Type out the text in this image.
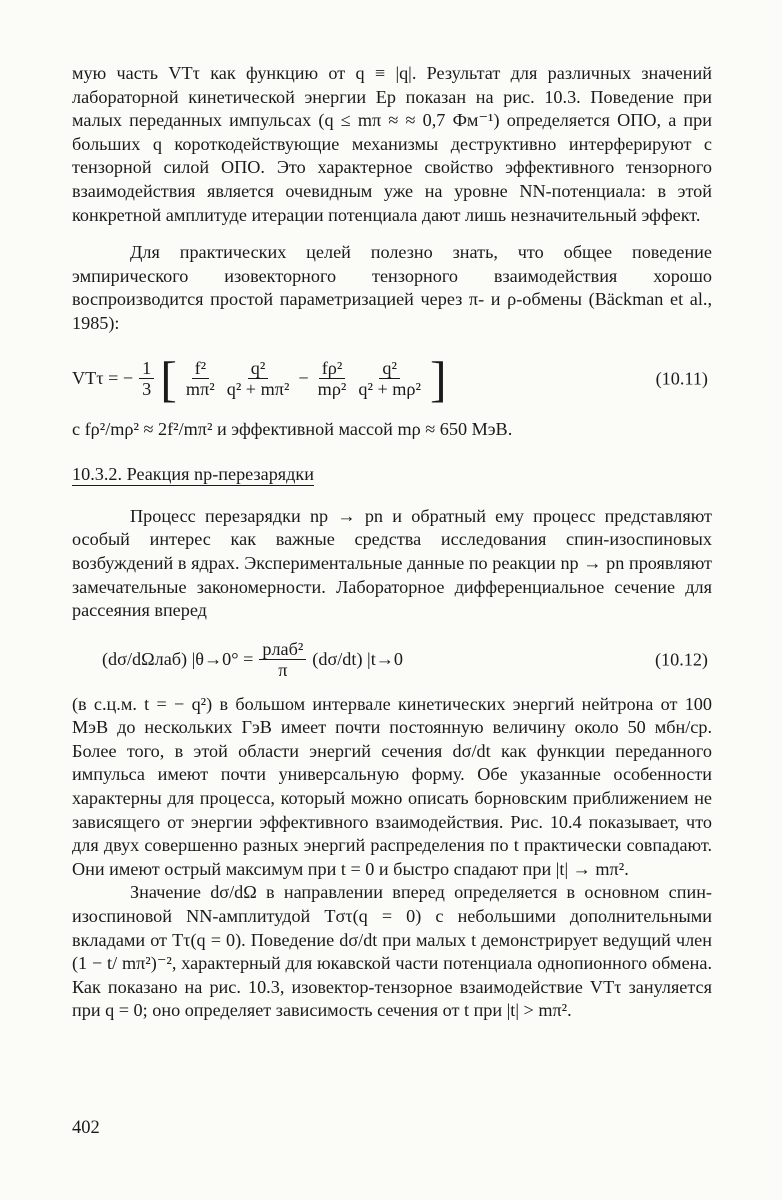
мую часть VTτ как функцию от q ≡ |q|. Результат для различных значений лабораторной кинетической энергии Ep показан на рис. 10.3. Поведение при малых переданных импульсах (q ≤ mπ ≈ ≈ 0,7 Фм⁻¹) определяется ОПО, а при больших q короткодействующие механизмы деструктивно интерферируют с тензорной силой ОПО. Это характерное свойство эффективного тензорного взаимодействия является очевидным уже на уровне NN-потенциала: в этой конкретной амплитуде итерации потенциала дают лишь незначительный эффект.

Для практических целей полезно знать, что общее поведение эмпирического изовекторного тензорного взаимодействия хорошо воспроизводится простой параметризацией через π- и ρ-обмены (Bäckman et al., 1985):

VTτ = − $\frac{1}{3}$ [ $\frac{\text{f²}}{\text{mπ²}} \frac{\text{q²}}{\text{q² + mπ²}} - \frac{\text{fρ²}}{\text{mρ²}} \frac{\text{q²}}{\text{q² + mρ²}}$ ]	(10.11)

с fρ²/mρ² ≈ 2f²/mπ² и эффективной массой mρ ≈ 650 МэВ.

10.3.2. Реакция np-перезарядки

Процесс перезарядки np → pn и обратный ему процесс представляют особый интерес как важные средства исследования спин-изоспиновых возбуждений в ядрах. Экспериментальные данные по реакции np → pn проявляют замечательные закономерности. Лабораторное дифференциальное сечение для рассеяния вперед

(dσ/dΩлаб) $|\theta\to 0^\circ = \frac{\text{pлаб²}}{\pi} (d\sigma/dt)$ |t→0	(10.12)

(в с.ц.м. t = − q²) в большом интервале кинетических энергий нейтрона от 100 МэВ до нескольких ГэВ имеет почти постоянную величину около 50 мбн/ср. Более того, в этой области энергий сечения dσ/dt как функции переданного импульса имеют почти универсальную форму. Обе указанные особенности характерны для процесса, который можно описать борновским приближением не зависящего от энергии эффективного взаимодействия. Рис. 10.4 показывает, что для двух совершенно разных энергий распределения по t практически совпадают. Они имеют острый максимум при t = 0 и быстро спадают при |t| → mπ².

Значение dσ/dΩ в направлении вперед определяется в основном спин-изоспиновой NN-амплитудой Tστ(q = 0) с небольшими дополнительными вкладами от Tτ(q = 0). Поведение dσ/dt при малых t демонстрирует ведущий член (1 − t/ mπ²)⁻², характерный для юкавской части потенциала однопионного обмена. Как показано на рис. 10.3, изовектор-тензорное взаимодействие VTτ зануляется при q = 0; оно определяет зависимость сечения от t при |t| > mπ².

402
